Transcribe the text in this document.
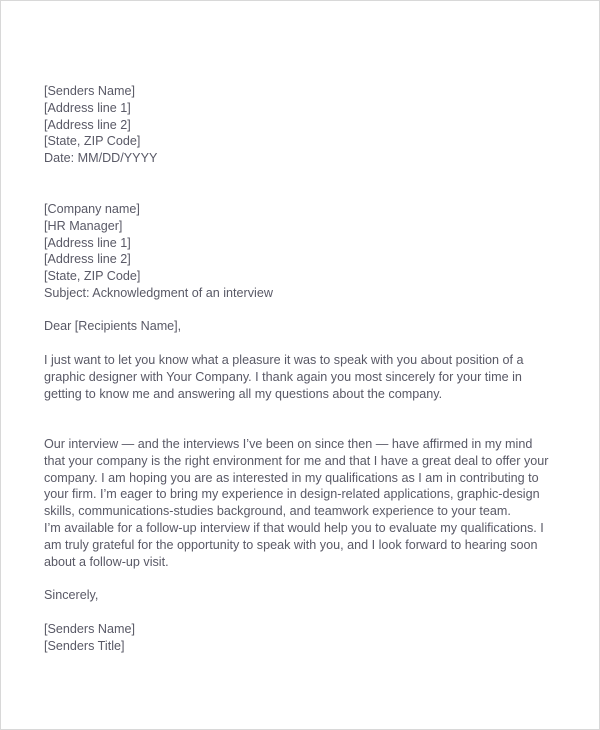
[Senders Name]
[Address line 1]
[Address line 2]
[State, ZIP Code]
Date: MM/DD/YYYY
[Company name]
[HR Manager]
[Address line 1]
[Address line 2]
[State, ZIP Code]
Subject: Acknowledgment of an interview
Dear [Recipients Name],
I just want to let you know what a pleasure it was to speak with you about position of a
graphic designer with Your Company. I thank again you most sincerely for your time in
getting to know me and answering all my questions about the company.
Our interview — and the interviews I’ve been on since then — have affirmed in my mind
that your company is the right environment for me and that I have a great deal to offer your
company. I am hoping you are as interested in my qualifications as I am in contributing to
your firm. I’m eager to bring my experience in design-related applications, graphic-design
skills, communications-studies background, and teamwork experience to your team.
I’m available for a follow-up interview if that would help you to evaluate my qualifications. I
am truly grateful for the opportunity to speak with you, and I look forward to hearing soon
about a follow-up visit.
Sincerely,
[Senders Name]
[Senders Title]
